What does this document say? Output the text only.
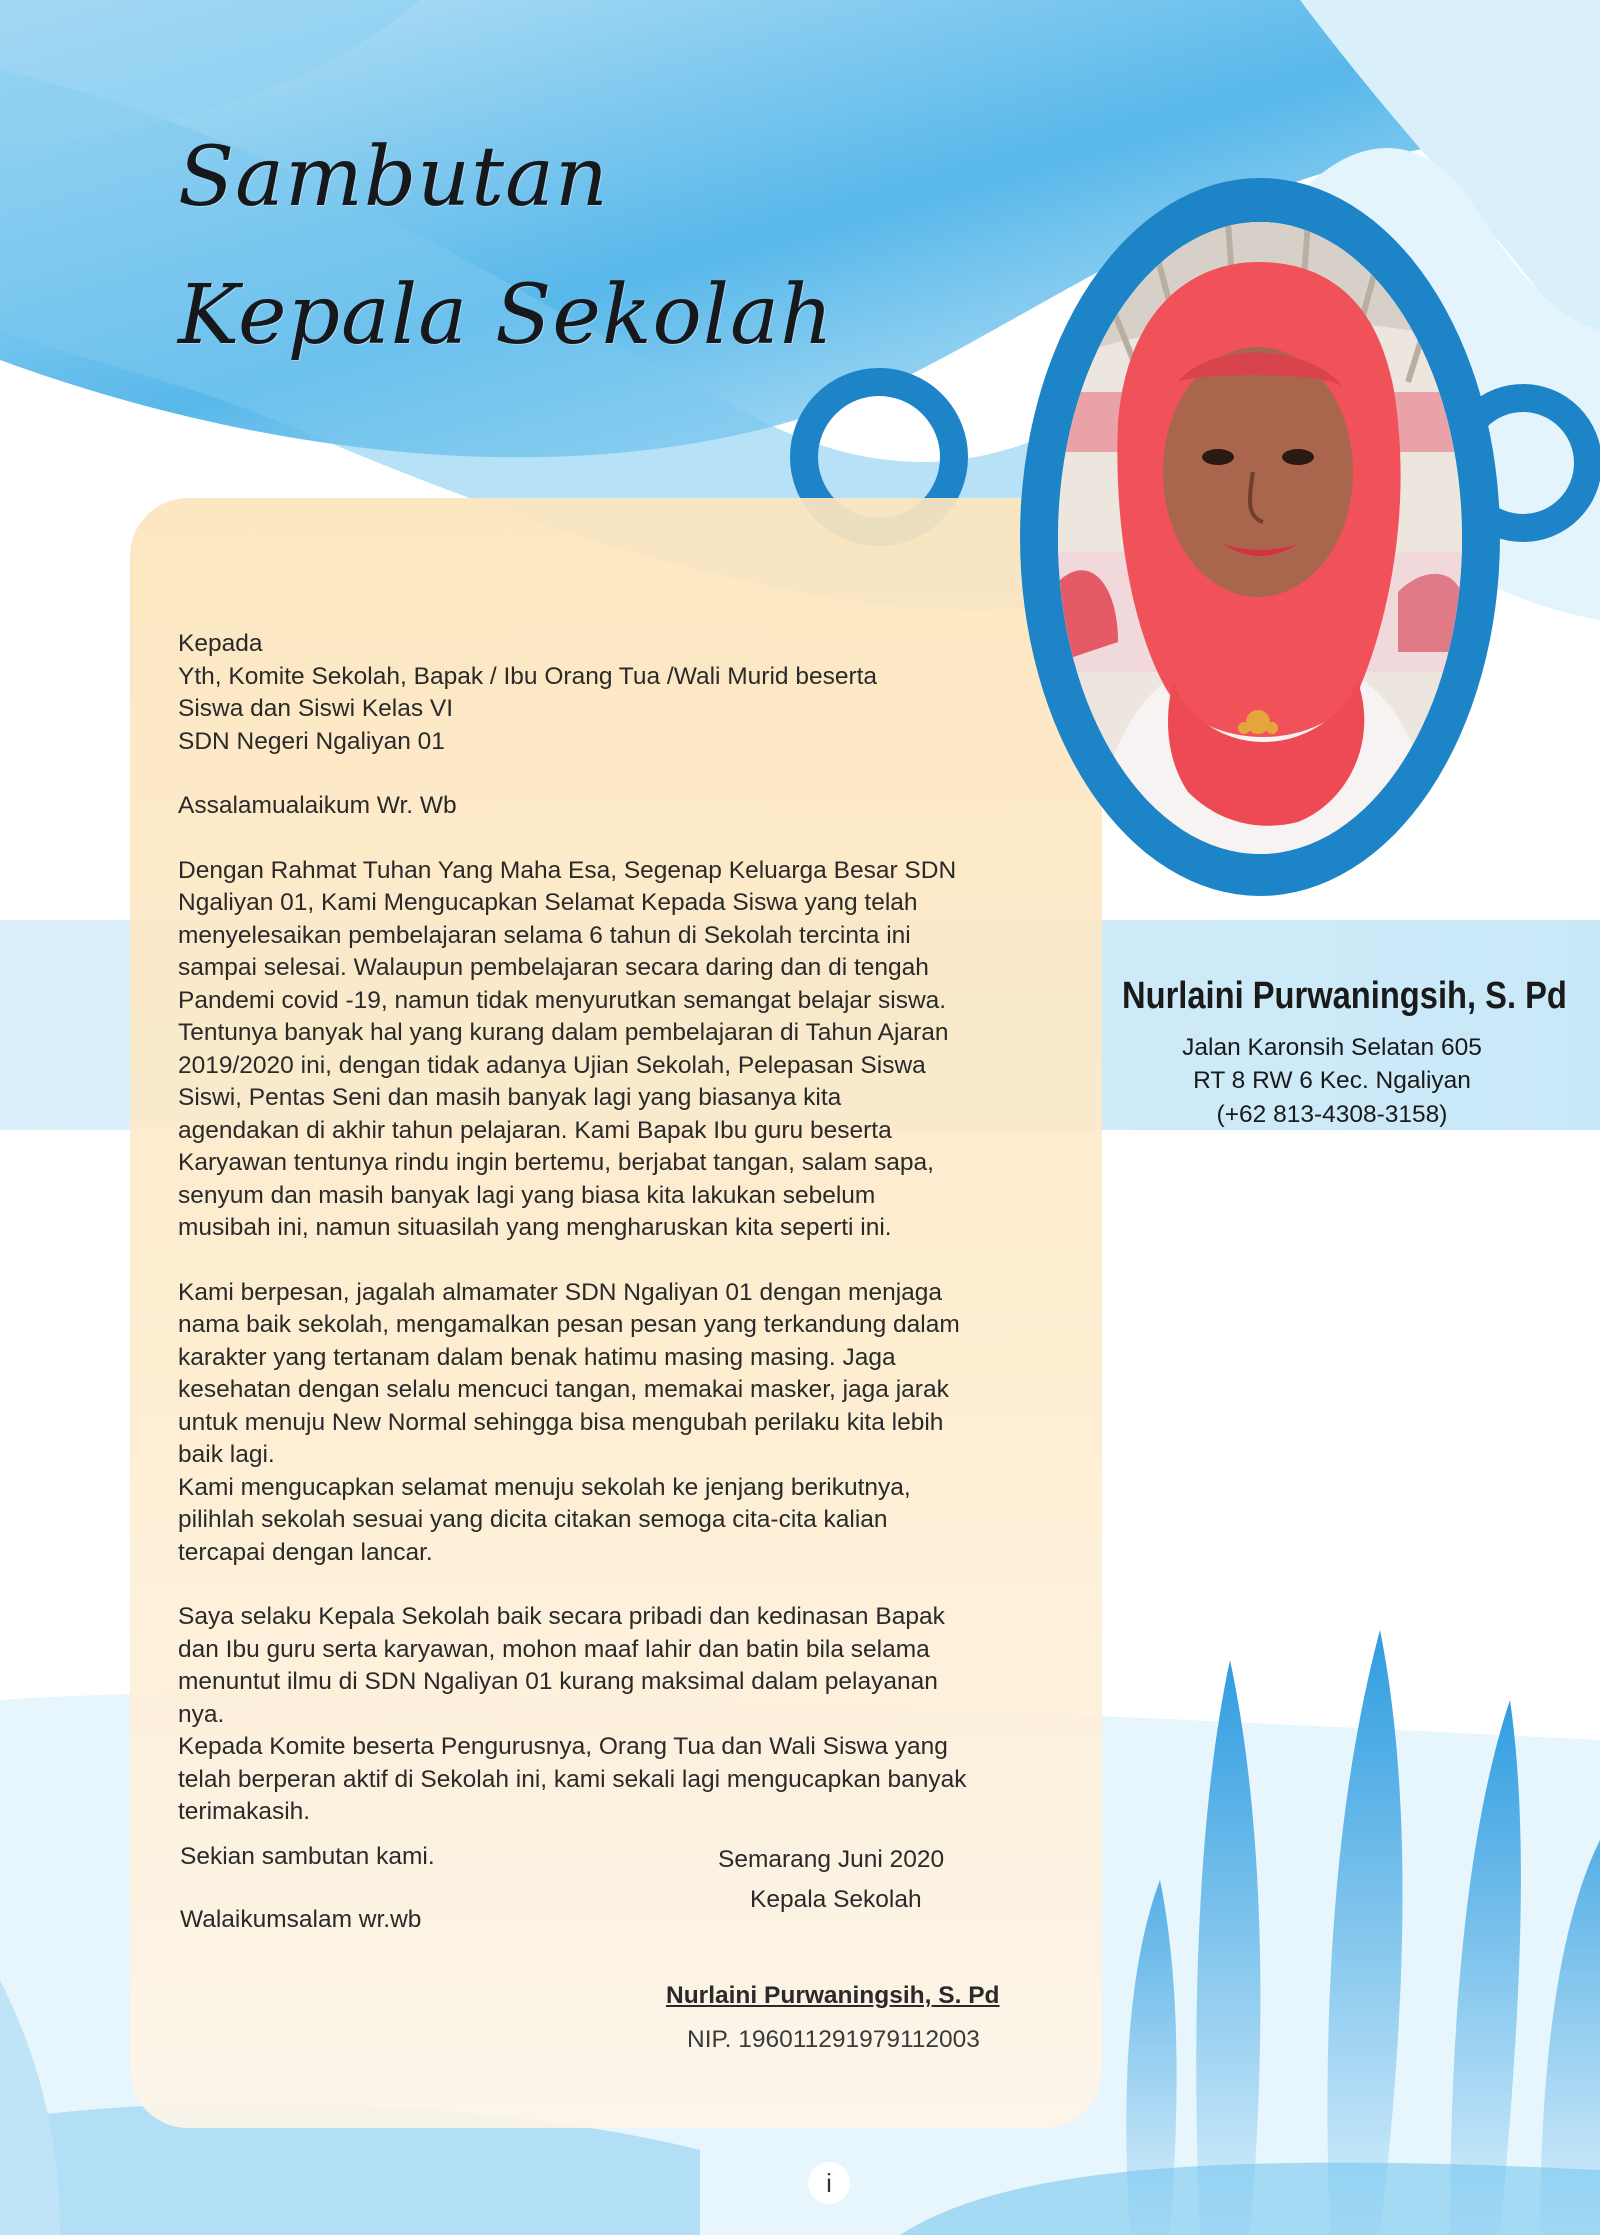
Sambutan
Kepala Sekolah
Kepada
Yth, Komite Sekolah, Bapak / Ibu Orang Tua /Wali Murid beserta
Siswa dan Siswi Kelas VI
SDN Negeri Ngaliyan 01
Assalamualaikum Wr. Wb
Dengan Rahmat Tuhan Yang Maha Esa, Segenap Keluarga Besar SDN
Ngaliyan 01, Kami Mengucapkan Selamat Kepada Siswa yang telah
menyelesaikan pembelajaran selama 6 tahun di Sekolah tercinta ini
sampai selesai. Walaupun pembelajaran secara daring dan di tengah
Pandemi covid -19, namun tidak menyurutkan semangat belajar siswa.
Tentunya banyak hal yang kurang dalam pembelajaran di Tahun Ajaran
2019/2020 ini, dengan tidak adanya Ujian Sekolah, Pelepasan Siswa
Siswi, Pentas Seni dan masih banyak lagi yang biasanya kita
agendakan di akhir tahun pelajaran. Kami Bapak Ibu guru beserta
Karyawan tentunya rindu ingin bertemu, berjabat tangan, salam sapa,
senyum dan masih banyak lagi yang biasa kita lakukan sebelum
musibah ini, namun situasilah yang mengharuskan kita seperti ini.
Kami berpesan, jagalah almamater SDN Ngaliyan 01 dengan menjaga
nama baik sekolah, mengamalkan pesan pesan yang terkandung dalam
karakter yang tertanam dalam benak hatimu masing masing. Jaga
kesehatan dengan selalu mencuci tangan, memakai masker, jaga jarak
untuk menuju New Normal sehingga bisa mengubah perilaku kita lebih
baik lagi.
Kami mengucapkan selamat menuju sekolah ke jenjang berikutnya,
pilihlah sekolah sesuai yang dicita citakan semoga cita-cita kalian
tercapai dengan lancar.
Saya selaku Kepala Sekolah baik secara pribadi dan kedinasan Bapak
dan Ibu guru serta karyawan, mohon maaf lahir dan batin bila selama
menuntut ilmu di SDN Ngaliyan 01 kurang maksimal dalam pelayanan
nya.
Kepada Komite beserta Pengurusnya, Orang Tua dan Wali Siswa yang
telah berperan aktif di Sekolah ini, kami sekali lagi mengucapkan banyak
terimakasih.
Sekian sambutan kami.
Walaikumsalam wr.wb
Semarang Juni 2020
Kepala Sekolah
Nurlaini Purwaningsih, S. Pd
NIP. 196011291979112003
Nurlaini Purwaningsih, S. Pd
Jalan Karonsih Selatan 605
RT 8 RW 6 Kec. Ngaliyan
(+62 813-4308-3158)
i
